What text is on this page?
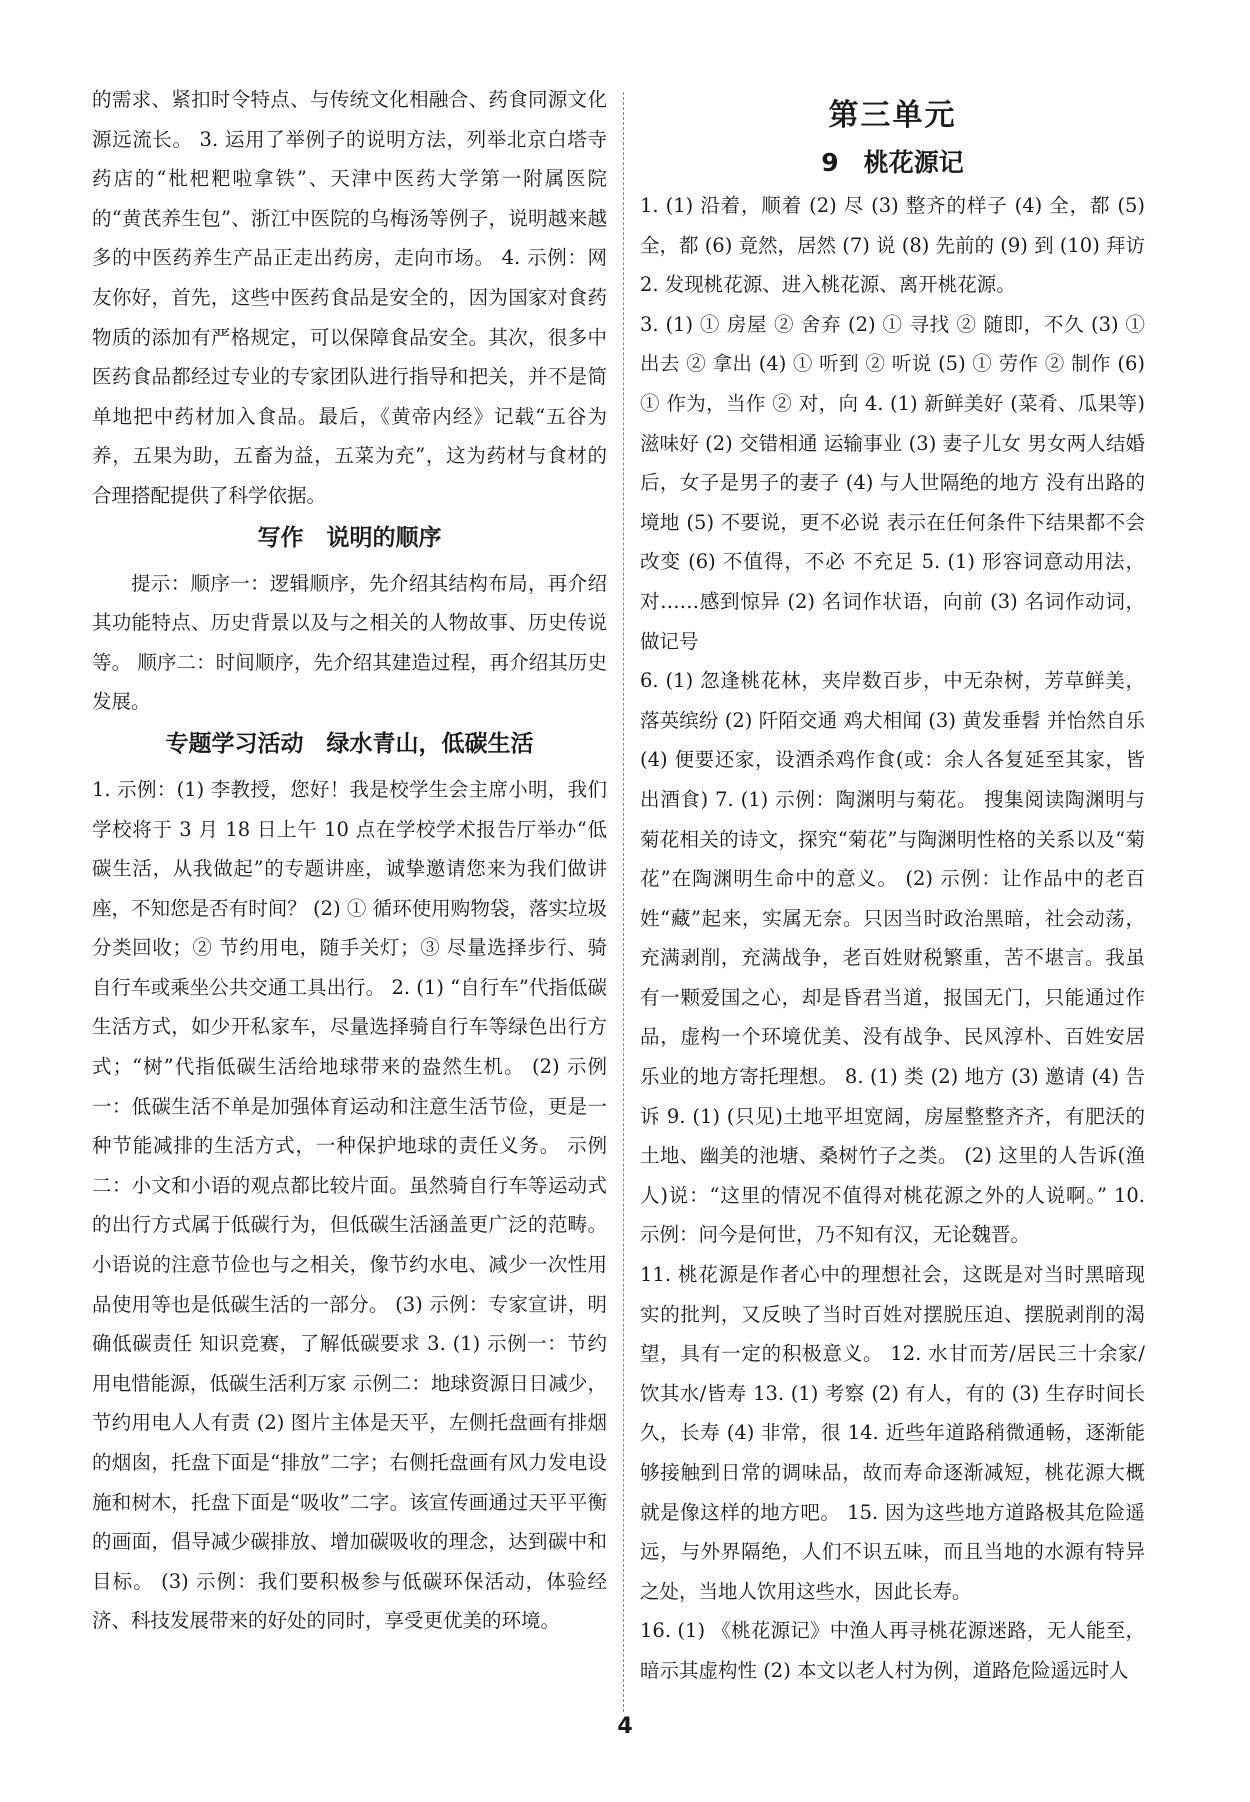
的需求、紧扣时令特点、与传统文化相融合、药食同源文化源远流长。 3. 运用了举例子的说明方法，列举北京白塔寺药店的“枇杷粑啦拿铁”、天津中医药大学第一附属医院的“黄芪养生包”、浙江中医院的乌梅汤等例子，说明越来越多的中医药养生产品正走出药房，走向市场。 4. 示例：网友你好，首先，这些中医药食品是安全的，因为国家对食药物质的添加有严格规定，可以保障食品安全。其次，很多中医药食品都经过专业的专家团队进行指导和把关，并不是简单地把中药材加入食品。最后，《黄帝内经》记载“五谷为养，五果为助，五畜为益，五菜为充”，这为药材与食材的合理搭配提供了科学依据。

写作　说明的顺序

提示：顺序一：逻辑顺序，先介绍其结构布局，再介绍其功能特点、历史背景以及与之相关的人物故事、历史传说等。 顺序二：时间顺序，先介绍其建造过程，再介绍其历史发展。

专题学习活动　绿水青山，低碳生活

1. 示例：(1) 李教授，您好！我是校学生会主席小明，我们学校将于 3 月 18 日上午 10 点在学校学术报告厅举办“低碳生活，从我做起”的专题讲座，诚挚邀请您来为我们做讲座，不知您是否有时间？ (2) ① 循环使用购物袋，落实垃圾分类回收；② 节约用电，随手关灯；③ 尽量选择步行、骑自行车或乘坐公共交通工具出行。 2. (1) “自行车”代指低碳生活方式，如少开私家车，尽量选择骑自行车等绿色出行方式；“树”代指低碳生活给地球带来的盎然生机。 (2) 示例一：低碳生活不单是加强体育运动和注意生活节俭，更是一种节能减排的生活方式，一种保护地球的责任义务。 示例二：小文和小语的观点都比较片面。虽然骑自行车等运动式的出行方式属于低碳行为，但低碳生活涵盖更广泛的范畴。小语说的注意节俭也与之相关，像节约水电、减少一次性用品使用等也是低碳生活的一部分。 (3) 示例：专家宣讲，明确低碳责任 知识竞赛，了解低碳要求 3. (1) 示例一：节约用电惜能源，低碳生活利万家 示例二：地球资源日日减少，节约用电人人有责 (2) 图片主体是天平，左侧托盘画有排烟的烟囱，托盘下面是“排放”二字；右侧托盘画有风力发电设施和树木，托盘下面是“吸收”二字。该宣传画通过天平平衡的画面，倡导减少碳排放、增加碳吸收的理念，达到碳中和目标。 (3) 示例：我们要积极参与低碳环保活动，体验经济、科技发展带来的好处的同时，享受更优美的环境。

第三单元
9　桃花源记

1. (1) 沿着，顺着 (2) 尽 (3) 整齐的样子 (4) 全，都 (5) 全，都 (6) 竟然，居然 (7) 说 (8) 先前的 (9) 到 (10) 拜访 2. 发现桃花源、进入桃花源、离开桃花源。

3. (1) ① 房屋 ② 舍弃 (2) ① 寻找 ② 随即，不久 (3) ① 出去 ② 拿出 (4) ① 听到 ② 听说 (5) ① 劳作 ② 制作 (6) ① 作为，当作 ② 对，向 4. (1) 新鲜美好 (菜肴、瓜果等)滋味好 (2) 交错相通 运输事业 (3) 妻子儿女 男女两人结婚后，女子是男子的妻子 (4) 与人世隔绝的地方 没有出路的境地 (5) 不要说，更不必说 表示在任何条件下结果都不会改变 (6) 不值得，不必 不充足 5. (1) 形容词意动用法，对……感到惊异 (2) 名词作状语，向前 (3) 名词作动词，做记号

6. (1) 忽逢桃花林，夹岸数百步，中无杂树，芳草鲜美，落英缤纷 (2) 阡陌交通 鸡犬相闻 (3) 黄发垂髫 并怡然自乐 (4) 便要还家，设酒杀鸡作食(或：余人各复延至其家，皆出酒食) 7. (1) 示例：陶渊明与菊花。 搜集阅读陶渊明与菊花相关的诗文，探究“菊花”与陶渊明性格的关系以及“菊花”在陶渊明生命中的意义。 (2) 示例：让作品中的老百姓“藏”起来，实属无奈。只因当时政治黑暗，社会动荡，充满剥削，充满战争，老百姓财税繁重，苦不堪言。我虽有一颗爱国之心，却是昏君当道，报国无门，只能通过作品，虚构一个环境优美、没有战争、民风淳朴、百姓安居乐业的地方寄托理想。 8. (1) 类 (2) 地方 (3) 邀请 (4) 告诉 9. (1) (只见)土地平坦宽阔，房屋整整齐齐，有肥沃的土地、幽美的池塘、桑树竹子之类。 (2) 这里的人告诉(渔人)说：“这里的情况不值得对桃花源之外的人说啊。” 10. 示例：问今是何世，乃不知有汉，无论魏晋。

11. 桃花源是作者心中的理想社会，这既是对当时黑暗现实的批判，又反映了当时百姓对摆脱压迫、摆脱剥削的渴望，具有一定的积极意义。 12. 水甘而芳/居民三十余家/饮其水/皆寿 13. (1) 考察 (2) 有人，有的 (3) 生存时间长久，长寿 (4) 非常，很 14. 近些年道路稍微通畅，逐渐能够接触到日常的调味品，故而寿命逐渐减短，桃花源大概就是像这样的地方吧。 15. 因为这些地方道路极其危险遥远，与外界隔绝，人们不识五味，而且当地的水源有特异之处，当地人饮用这些水，因此长寿。

16. (1) 《桃花源记》中渔人再寻桃花源迷路，无人能至，暗示其虚构性 (2) 本文以老人村为例，道路危险遥远时人

4
